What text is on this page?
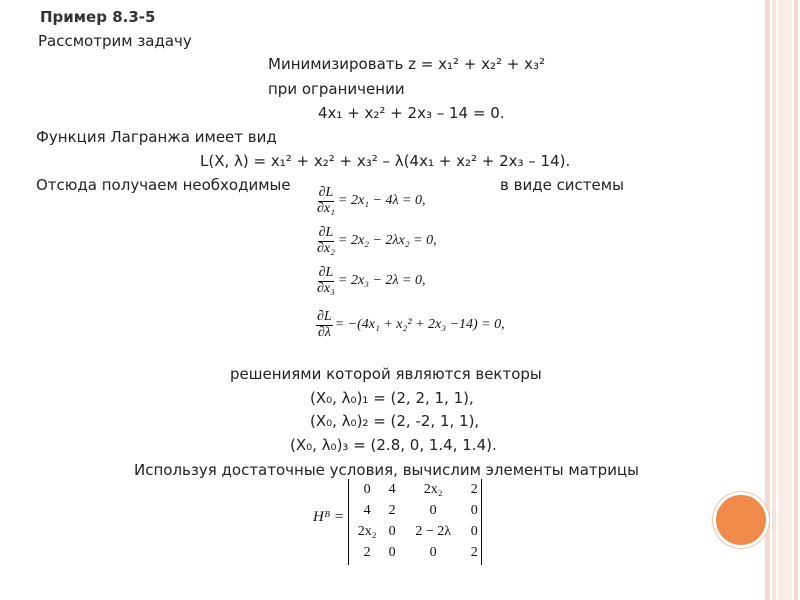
Пример 8.3-5
Рассмотрим задачу
Минимизировать z = x₁² + x₂² + x₃²
при ограничении
4x₁ + x₂² + 2x₃ – 14 = 0.
Функция Лагранжа имеет вид
L(X, λ) = x₁² + x₂² + x₃² – λ(4x₁ + x₂² + 2x₃ – 14).
Отсюда получаем необходимые	в виде системы
$\frac{\partial L}{\text{∂x₁}} = 2x_1 - 4\lambda = 0$,
$\frac{\partial L}{\text{∂x₂}} = 2x_2 - 2\lambda x_2 = 0$,
$\frac{\partial L}{\text{∂x₃}} = 2x_3 - 2\lambda = 0$,
$\frac{\partial L}{\partial\lambda} = -(4x_1 + x_2^2 + 2x_3 -14) = 0$,
решениями которой являются векторы
(X₀, λ₀)₁ = (2, 2, 1, 1),
(X₀, λ₀)₂ = (2, -2, 1, 1),
(X₀, λ₀)₃ = (2.8, 0, 1.4, 1.4).
Используя достаточные условия, вычислим элементы матрицы
Hᴮ =
0	4	2x₂	2
4	2	0	0
2x₂	0	2 − 2λ	0
2	0	0	2
